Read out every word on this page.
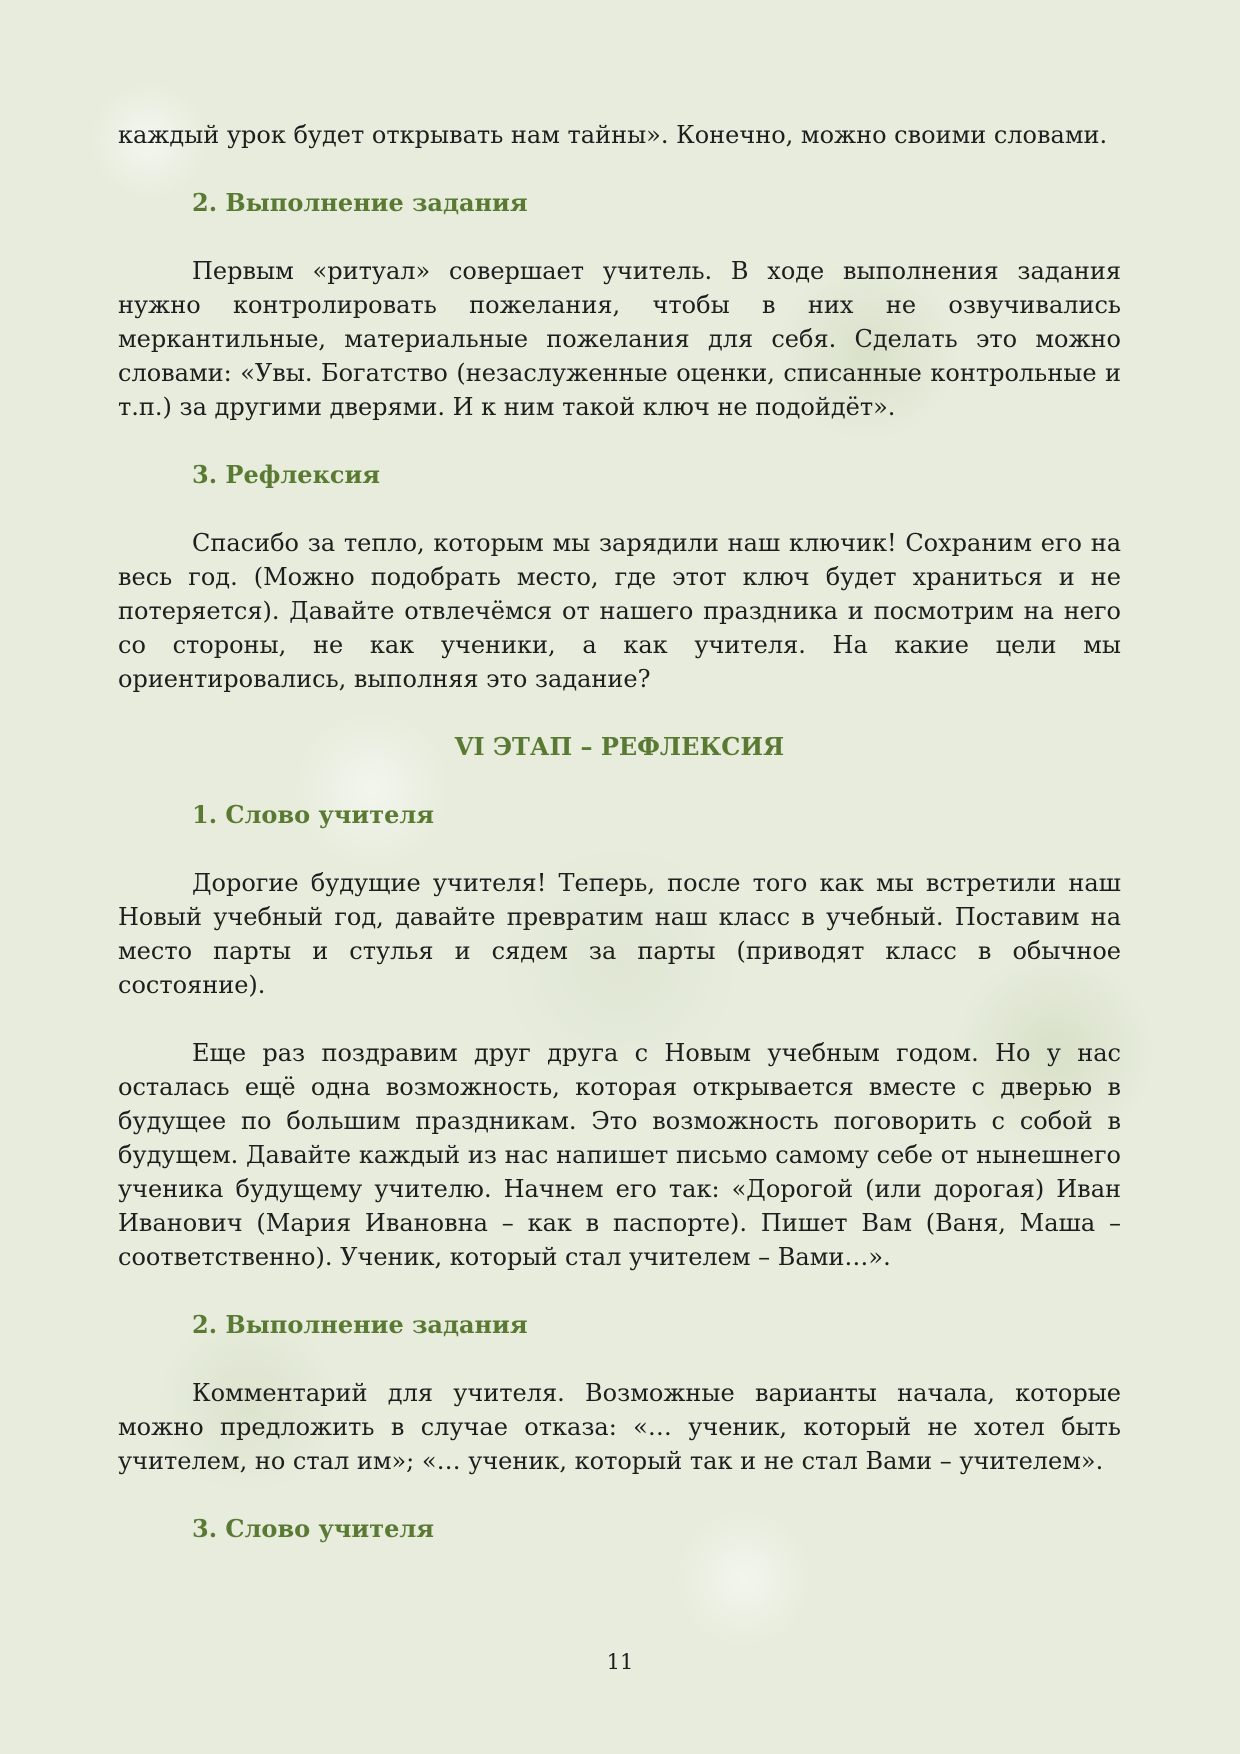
каждый урок будет открывать нам тайны». Конечно, можно своими словами.

2. Выполнение задания

Первым «ритуал» совершает учитель. В ходе выполнения задания нужно контролировать пожелания, чтобы в них не озвучивались меркантильные, материальные пожелания для себя. Сделать это можно словами: «Увы. Богатство (незаслуженные оценки, списанные контрольные и т.п.) за другими дверями. И к ним такой ключ не подойдёт».

3. Рефлексия

Спасибо за тепло, которым мы зарядили наш ключик! Сохраним его на весь год. (Можно подобрать место, где этот ключ будет храниться и не потеряется). Давайте отвлечёмся от нашего праздника и посмотрим на него со стороны, не как ученики, а как учителя. На какие цели мы ориентировались, выполняя это задание?

VI ЭТАП – РЕФЛЕКСИЯ

1. Слово учителя

Дорогие будущие учителя! Теперь, после того как мы встретили наш Новый учебный год, давайте превратим наш класс в учебный. Поставим на место парты и стулья и сядем за парты (приводят класс в обычное состояние).

Еще раз поздравим друг друга с Новым учебным годом. Но у нас осталась ещё одна возможность, которая открывается вместе с дверью в будущее по большим праздникам. Это возможность поговорить с собой в будущем. Давайте каждый из нас напишет письмо самому себе от нынешнего ученика будущему учителю. Начнем его так: «Дорогой (или дорогая) Иван Иванович (Мария Ивановна – как в паспорте). Пишет Вам (Ваня, Маша – соответственно). Ученик, который стал учителем – Вами…».

2. Выполнение задания

Комментарий для учителя. Возможные варианты начала, которые можно предложить в случае отказа: «… ученик, который не хотел быть учителем, но стал им»; «… ученик, который так и не стал Вами – учителем».

3. Слово учителя

11
